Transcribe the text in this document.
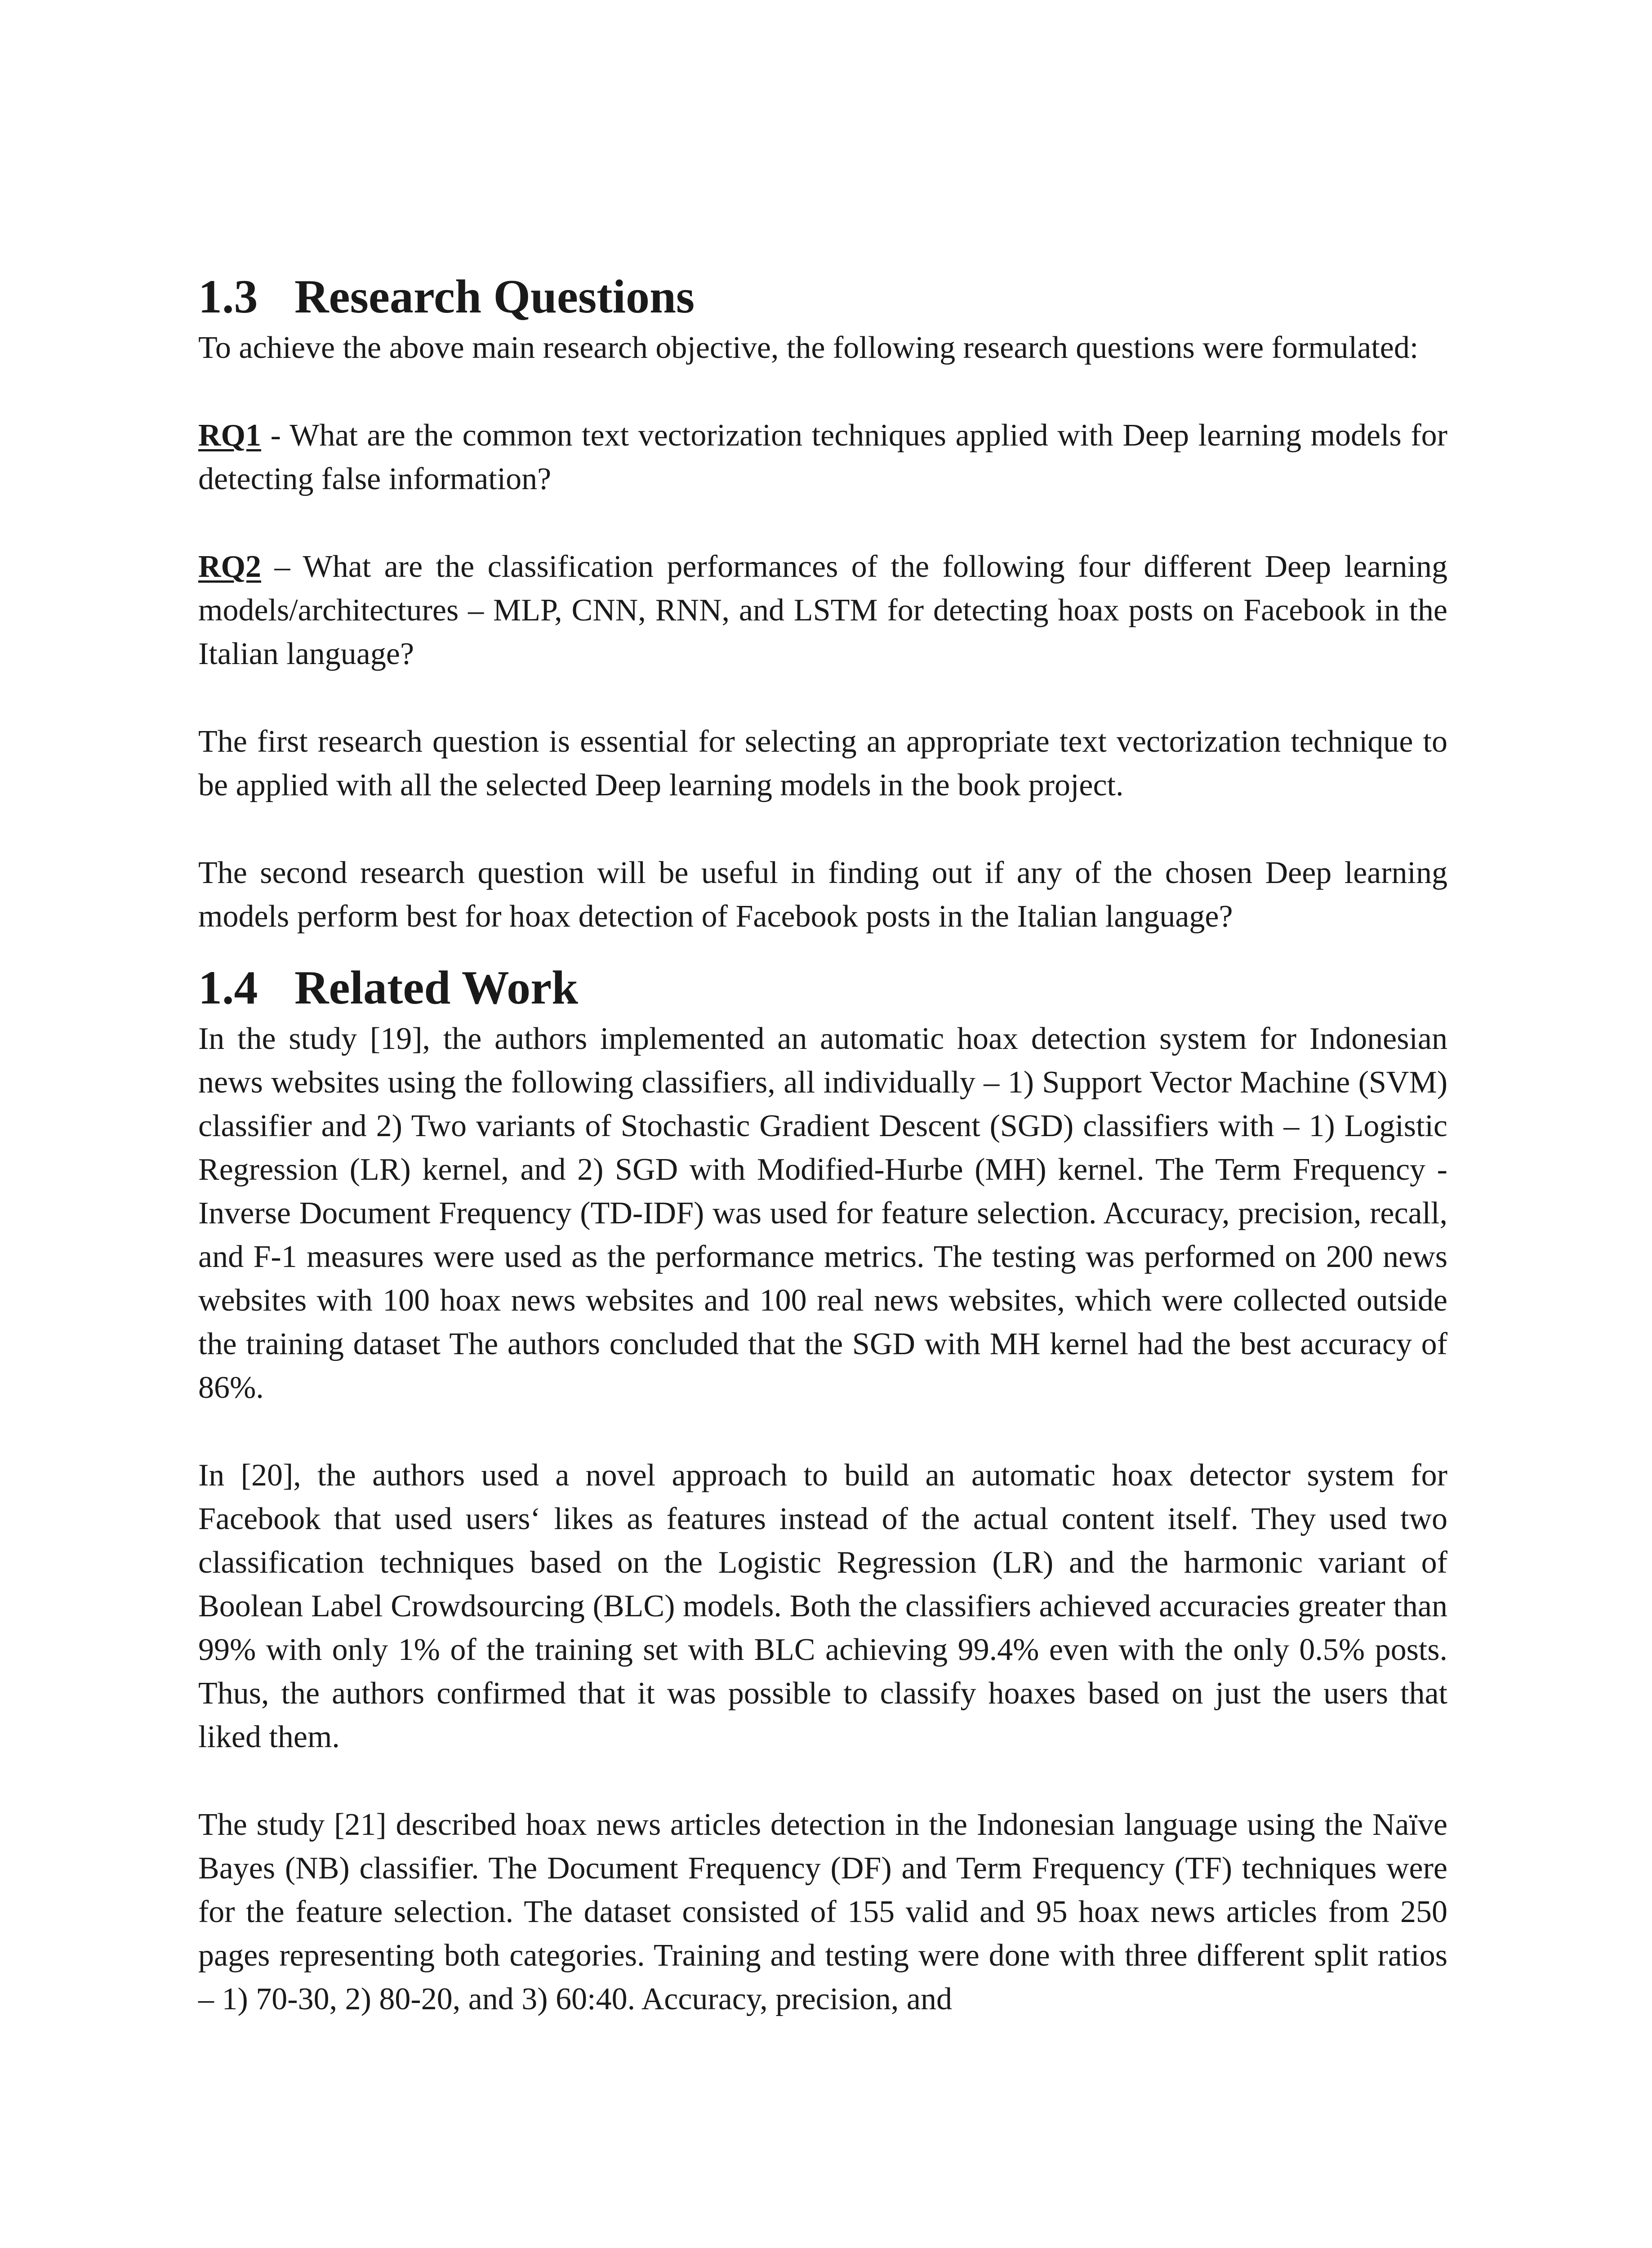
1.3 Research Questions

To achieve the above main research objective, the following research questions were formulated:

RQ1 - What are the common text vectorization techniques applied with Deep learning models for detecting false information?

RQ2 – What are the classification performances of the following four different Deep learning models/architectures – MLP, CNN, RNN, and LSTM for detecting hoax posts on Facebook in the Italian language?

The first research question is essential for selecting an appropriate text vectorization technique to be applied with all the selected Deep learning models in the book project.

The second research question will be useful in finding out if any of the chosen Deep learning models perform best for hoax detection of Facebook posts in the Italian language?

1.4 Related Work

In the study [19], the authors implemented an automatic hoax detection system for Indonesian news websites using the following classifiers, all individually – 1) Support Vector Machine (SVM) classifier and 2) Two variants of Stochastic Gradient Descent (SGD) classifiers with – 1) Logistic Regression (LR) kernel, and 2) SGD with Modified-Hurbe (MH) kernel. The Term Frequency - Inverse Document Frequency (TD-IDF) was used for feature selection. Accuracy, precision, recall, and F-1 measures were used as the performance metrics. The testing was performed on 200 news websites with 100 hoax news websites and 100 real news websites, which were collected outside the training dataset The authors concluded that the SGD with MH kernel had the best accuracy of 86%.

In [20], the authors used a novel approach to build an automatic hoax detector system for Facebook that used users‘ likes as features instead of the actual content itself. They used two classification techniques based on the Logistic Regression (LR) and the harmonic variant of Boolean Label Crowdsourcing (BLC) models. Both the classifiers achieved accuracies greater than 99% with only 1% of the training set with BLC achieving 99.4% even with the only 0.5% posts. Thus, the authors confirmed that it was possible to classify hoaxes based on just the users that liked them.

The study [21] described hoax news articles detection in the Indonesian language using the Naïve Bayes (NB) classifier. The Document Frequency (DF) and Term Frequency (TF) techniques were for the feature selection. The dataset consisted of 155 valid and 95 hoax news articles from 250 pages representing both categories. Training and testing were done with three different split ratios – 1) 70-30, 2) 80-20, and 3) 60:40. Accuracy, precision, and
